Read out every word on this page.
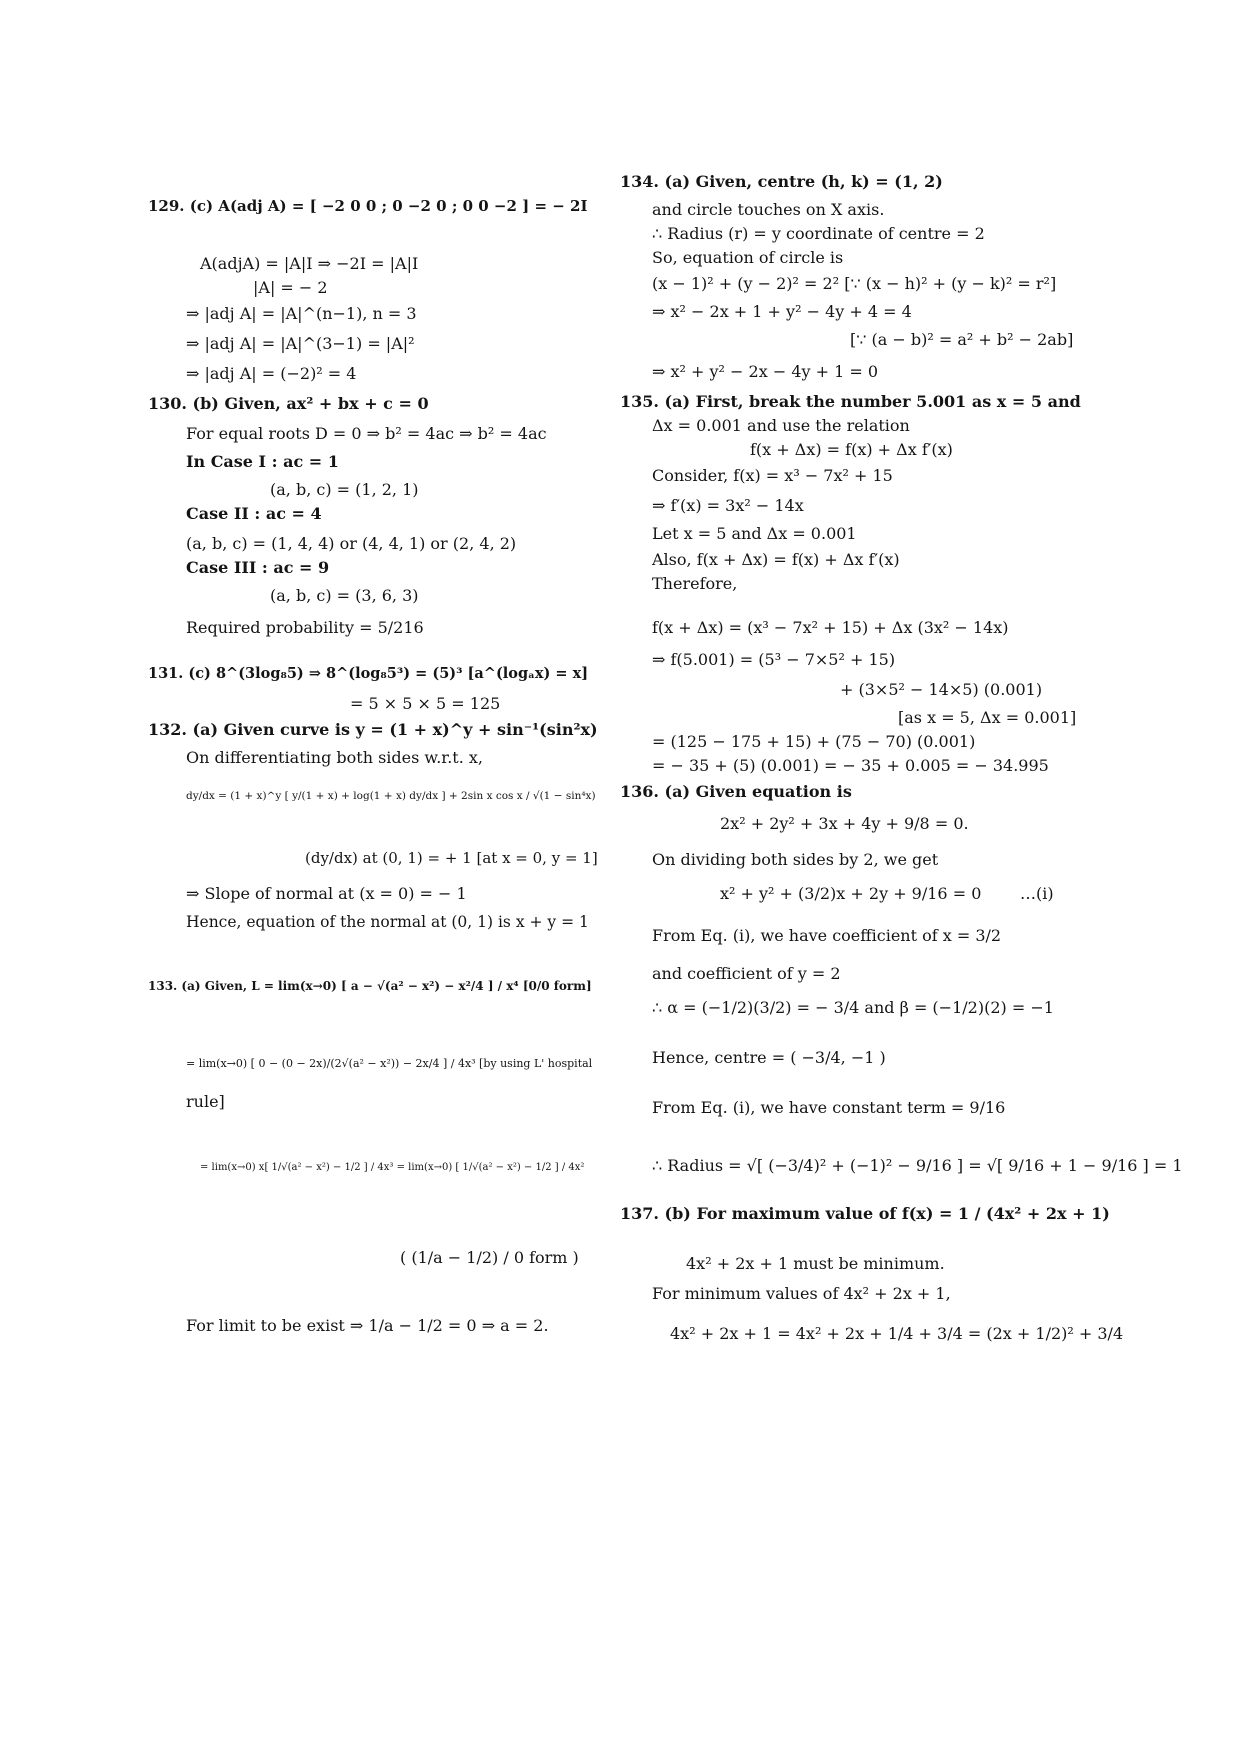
129. (c) A(adj A) = [ −2 0 0 ; 0 −2 0 ; 0 0 −2 ] = − 2I
A(adjA) = |A|I ⇒ −2I = |A|I
|A| = − 2
⇒ |adj A| = |A|^(n−1), n = 3
⇒ |adj A| = |A|^(3−1) = |A|²
⇒ |adj A| = (−2)² = 4
130. (b) Given, ax² + bx + c = 0
For equal roots D = 0 ⇒ b² = 4ac ⇒ b² = 4ac
In Case I : ac = 1
(a, b, c) = (1, 2, 1)
Case II : ac = 4
(a, b, c) = (1, 4, 4) or (4, 4, 1) or (2, 4, 2)
Case III : ac = 9
(a, b, c) = (3, 6, 3)
Required probability = 5/216
131. (c) 8^(3log₈5) ⇒ 8^(log₈5³) = (5)³ [a^(logₐx) = x]
= 5 × 5 × 5 = 125
132. (a) Given curve is y = (1 + x)^y + sin⁻¹(sin²x)
On differentiating both sides w.r.t. x,
dy/dx = (1 + x)^y [ y/(1 + x) + log(1 + x) dy/dx ] + 2sin x cos x / √(1 − sin⁴x)
(dy/dx) at (0, 1) = + 1 [at x = 0, y = 1]
⇒ Slope of normal at (x = 0) = − 1
Hence, equation of the normal at (0, 1) is x + y = 1
133. (a) Given, L = lim(x→0) [ a − √(a² − x²) − x²/4 ] / x⁴ [0/0 form]
= lim(x→0) [ 0 − (0 − 2x)/(2√(a² − x²)) − 2x/4 ] / 4x³ [by using L' hospital
rule]
= lim(x→0) x[ 1/√(a² − x²) − 1/2 ] / 4x³ = lim(x→0) [ 1/√(a² − x²) − 1/2 ] / 4x²
( (1/a − 1/2) / 0 form )
For limit to be exist ⇒ 1/a − 1/2 = 0 ⇒ a = 2.
134. (a) Given, centre (h, k) = (1, 2)
and circle touches on X axis.
∴ Radius (r) = y coordinate of centre = 2
So, equation of circle is
(x − 1)² + (y − 2)² = 2² [∵ (x − h)² + (y − k)² = r²]
⇒ x² − 2x + 1 + y² − 4y + 4 = 4
[∵ (a − b)² = a² + b² − 2ab]
⇒ x² + y² − 2x − 4y + 1 = 0
135. (a) First, break the number 5.001 as x = 5 and
Δx = 0.001 and use the relation
f(x + Δx) = f(x) + Δx f′(x)
Consider, f(x) = x³ − 7x² + 15
⇒ f′(x) = 3x² − 14x
Let x = 5 and Δx = 0.001
Also, f(x + Δx) = f(x) + Δx f′(x)
Therefore,
f(x + Δx) = (x³ − 7x² + 15) + Δx (3x² − 14x)
⇒ f(5.001) = (5³ − 7×5² + 15)
+ (3×5² − 14×5) (0.001)
[as x = 5, Δx = 0.001]
= (125 − 175 + 15) + (75 − 70) (0.001)
= − 35 + (5) (0.001) = − 35 + 0.005 = − 34.995
136. (a) Given equation is
2x² + 2y² + 3x + 4y + 9/8 = 0.
On dividing both sides by 2, we get
x² + y² + (3/2)x + 2y + 9/16 = 0 …(i)
From Eq. (i), we have coefficient of x = 3/2
and coefficient of y = 2
∴ α = (−1/2)(3/2) = − 3/4 and β = (−1/2)(2) = −1
Hence, centre = ( −3/4, −1 )
From Eq. (i), we have constant term = 9/16
∴ Radius = √[ (−3/4)² + (−1)² − 9/16 ] = √[ 9/16 + 1 − 9/16 ] = 1
137. (b) For maximum value of f(x) = 1 / (4x² + 2x + 1)
4x² + 2x + 1 must be minimum.
For minimum values of 4x² + 2x + 1,
4x² + 2x + 1 = 4x² + 2x + 1/4 + 3/4 = (2x + 1/2)² + 3/4
